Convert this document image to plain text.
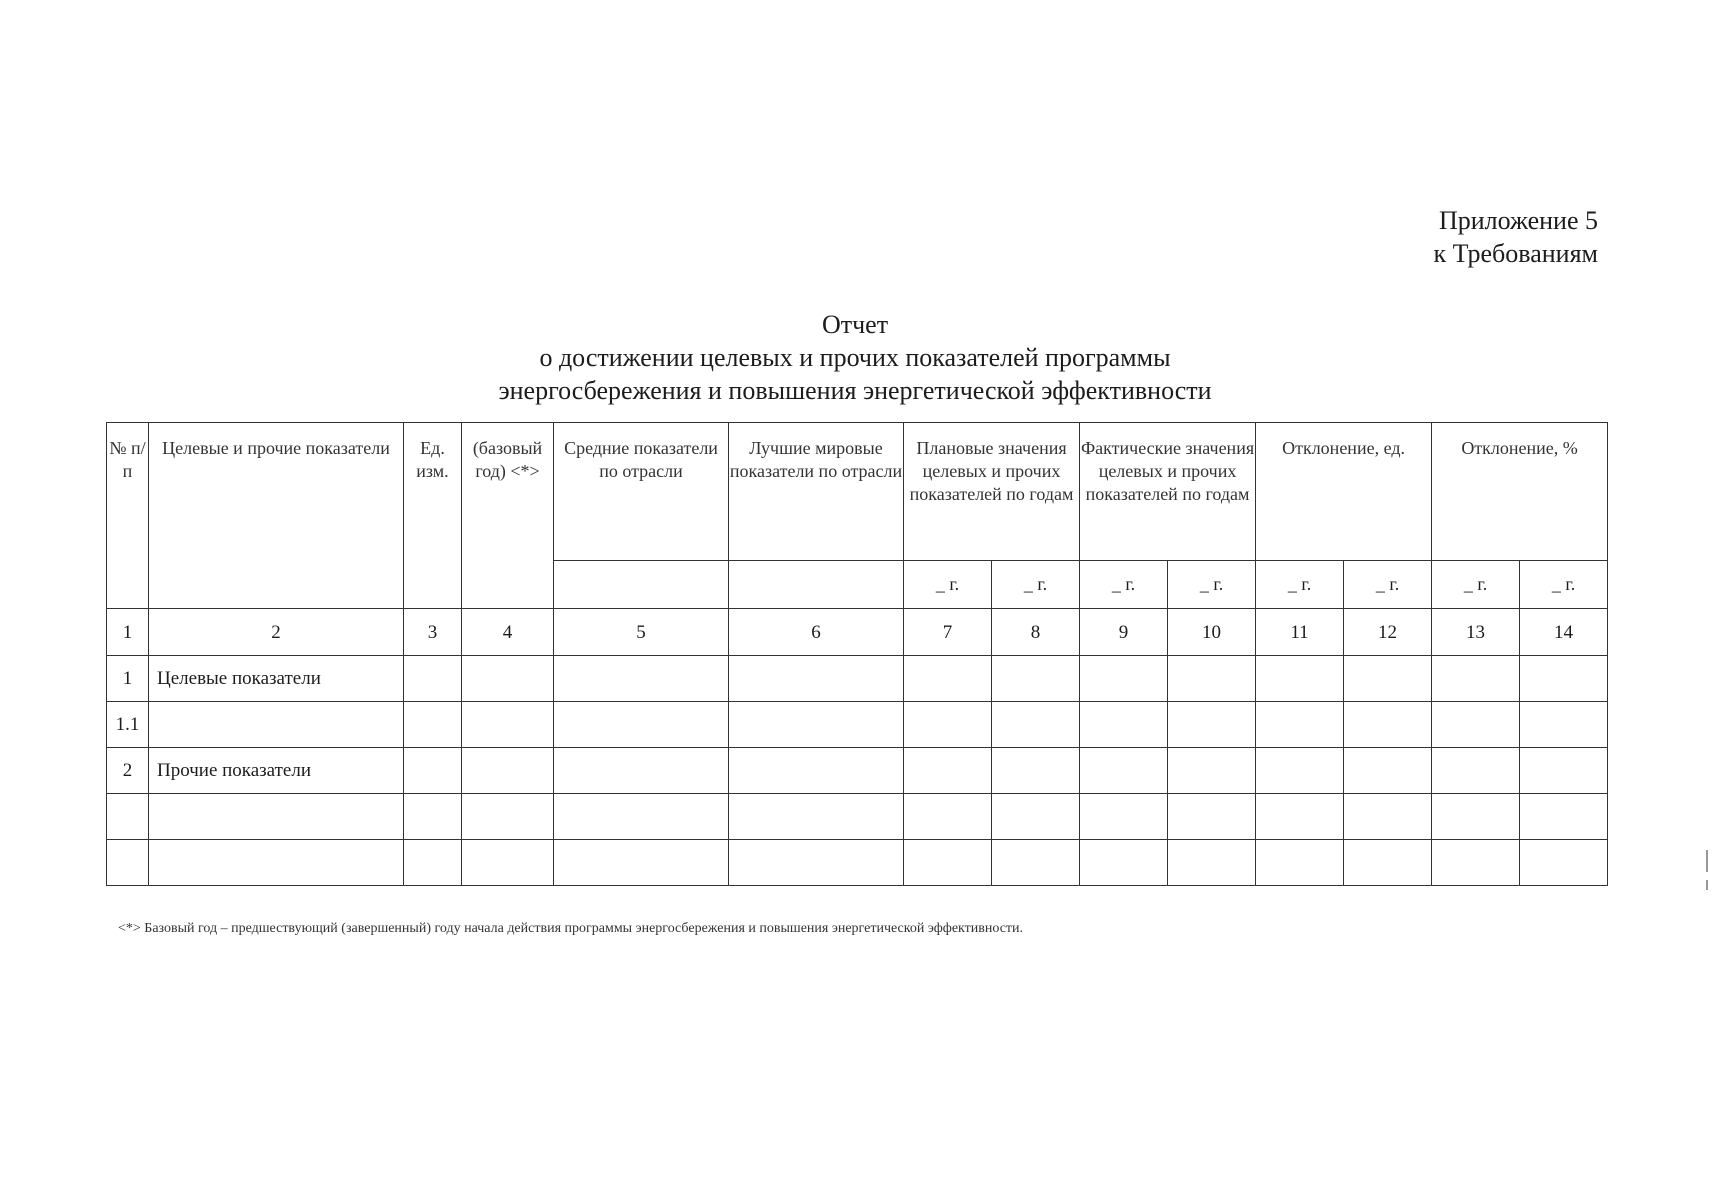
Приложение 5
к Требованиям
Отчет
о достижении целевых и прочих показателей программы
энергосбережения и повышения энергетической эффективности
№ п/п	Целевые и прочие показатели	Ед. изм.	(базовый год) <*>	Средние показатели по отрасли	Лучшие мировые показатели по отрасли	Плановые значения целевых и прочих показателей по годам		Фактические значения целевых и прочих показателей по годам		Отклонение, ед.		Отклонение, %	
						_ г.	_ г.	_ г.	_ г.	_ г.	_ г.	_ г.	_ г.
1	2	3	4	5	6	7	8	9	10	11	12	13	14
1	Целевые показатели												
1.1													
2	Прочие показатели												

<*> Базовый год – предшествующий (завершенный) году начала действия программы энергосбережения и повышения энергетической эффективности.
